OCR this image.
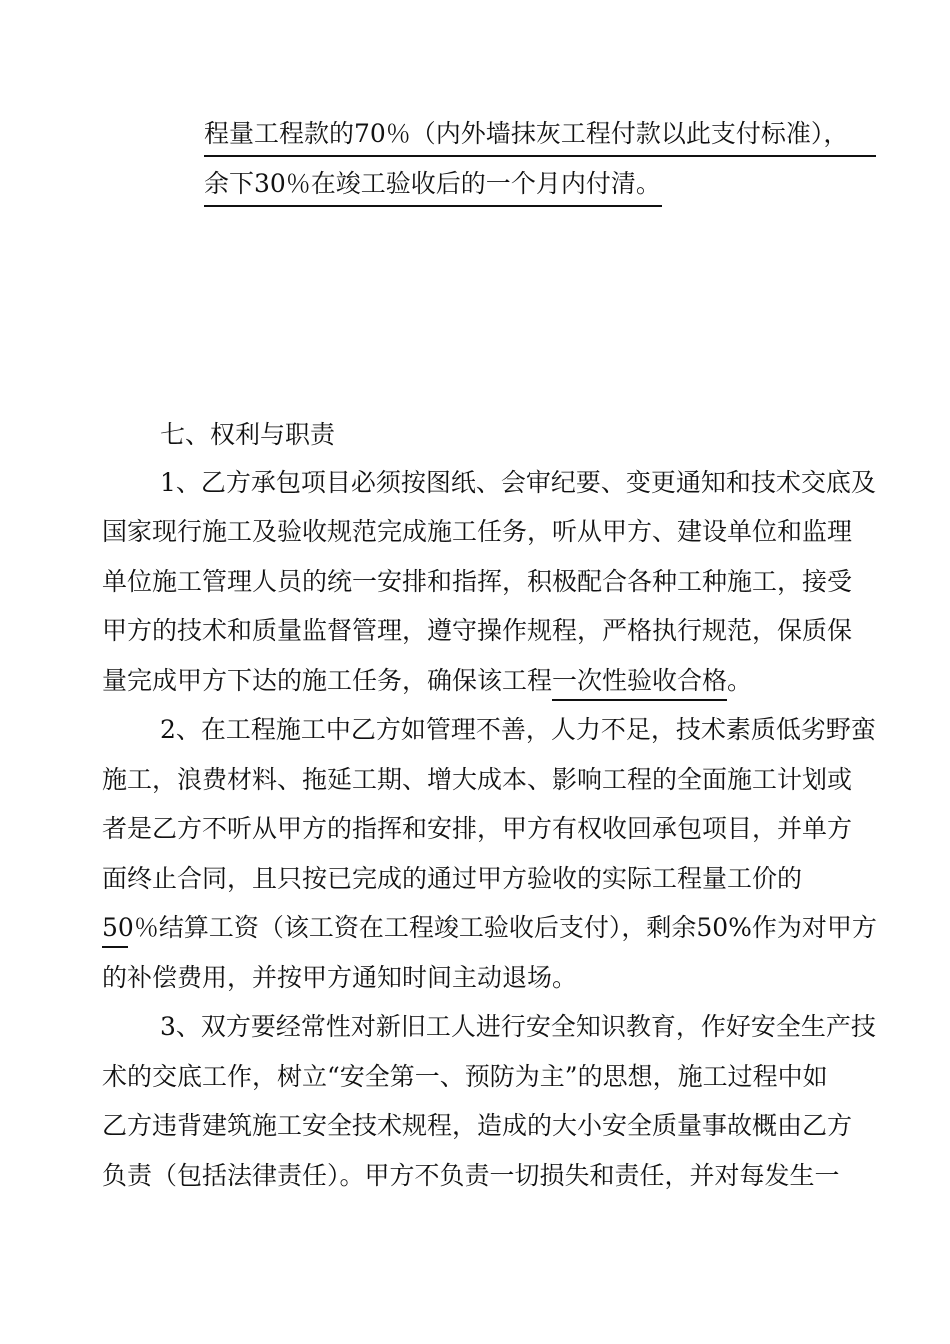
程量工程款的70％（内外墙抹灰工程付款以此支付标准），
余下30％在竣工验收后的一个月内付清。
七、权利与职责
1、乙方承包项目必须按图纸、会审纪要、变更通知和技术交底及
国家现行施工及验收规范完成施工任务，听从甲方、建设单位和监理
单位施工管理人员的统一安排和指挥，积极配合各种工种施工，接受
甲方的技术和质量监督管理，遵守操作规程，严格执行规范，保质保
量完成甲方下达的施工任务，确保该工程一次性验收合格。
2、在工程施工中乙方如管理不善，人力不足，技术素质低劣野蛮
施工，浪费材料、拖延工期、增大成本、影响工程的全面施工计划或
者是乙方不听从甲方的指挥和安排，甲方有权收回承包项目，并单方
面终止合同，且只按已完成的通过甲方验收的实际工程量工价的
50％结算工资（该工资在工程竣工验收后支付），剩余50%作为对甲方
的补偿费用，并按甲方通知时间主动退场。
3、双方要经常性对新旧工人进行安全知识教育，作好安全生产技
术的交底工作，树立“安全第一、预防为主”的思想，施工过程中如
乙方违背建筑施工安全技术规程，造成的大小安全质量事故概由乙方
负责（包括法律责任）。甲方不负责一切损失和责任，并对每发生一
